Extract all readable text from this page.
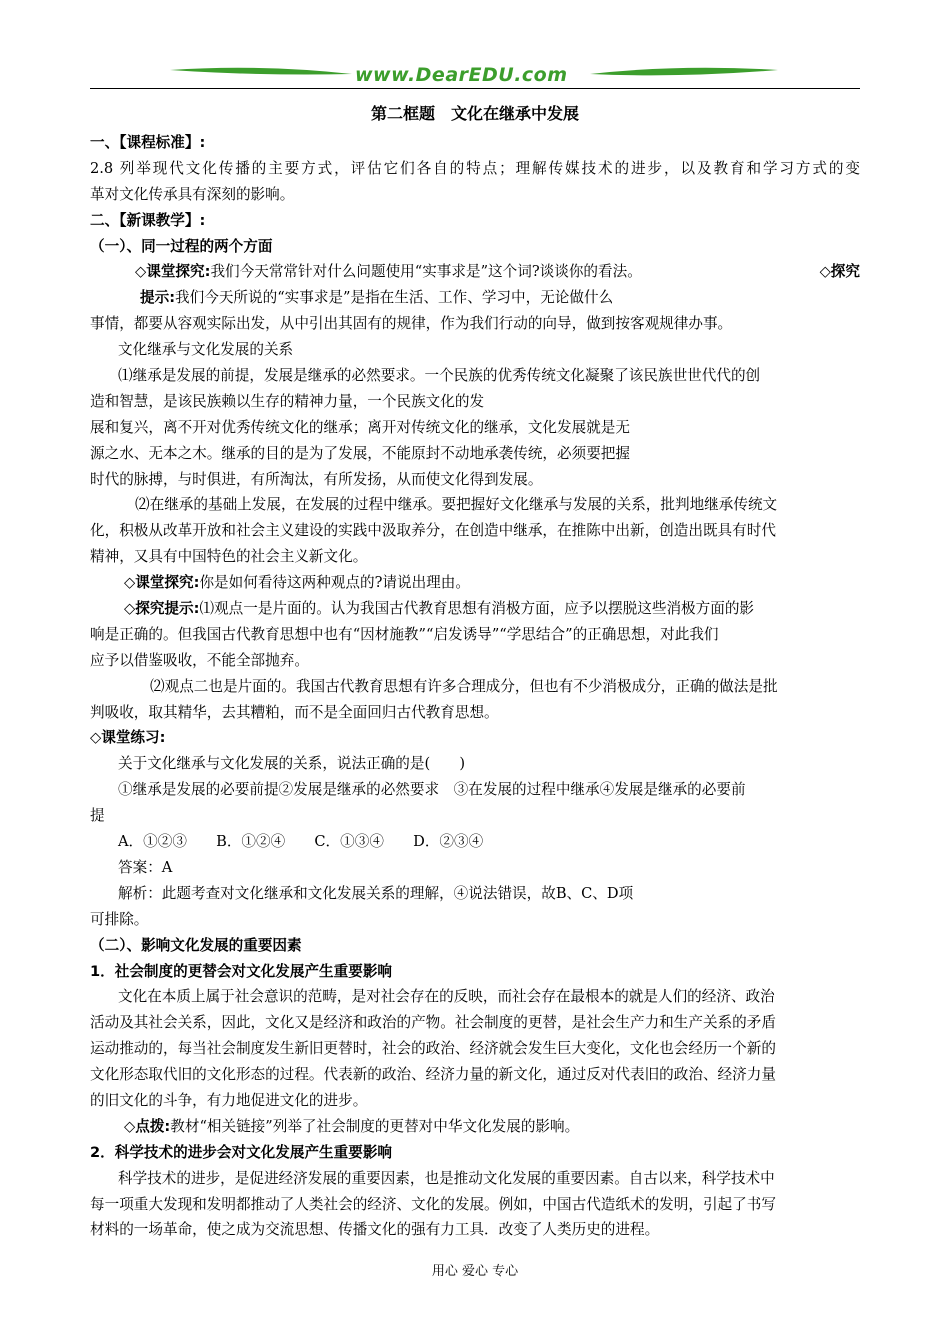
www.DearEDU.com
第二框题　文化在继承中发展
一、【课程标准】:
2.8 列举现代文化传播的主要方式，评估它们各自的特点；理解传媒技术的进步，以及教育和学习方式的变
革对文化传承具有深刻的影响。
二、【新课教学】:
（一）、同一过程的两个方面
◇课堂探究:我们今天常常针对什么问题使用“实事求是”这个词?谈谈你的看法。	◇探究
提示:我们今天所说的“实事求是”是指在生活、工作、学习中，无论做什么
事情，都要从容观实际出发，从中引出其固有的规律，作为我们行动的向导，做到按客观规律办事。
文化继承与文化发展的关系
⑴继承是发展的前提，发展是继承的必然要求。一个民族的优秀传统文化凝聚了该民族世世代代的创
造和智慧，是该民族赖以生存的精神力量，一个民族文化的发
展和复兴，离不开对优秀传统文化的继承；离开对传统文化的继承，文化发展就是无
源之水、无本之木。继承的目的是为了发展，不能原封不动地承袭传统，必须要把握
时代的脉搏，与时俱进，有所淘汰，有所发扬，从而使文化得到发展。
⑵在继承的基础上发展，在发展的过程中继承。要把握好文化继承与发展的关系，批判地继承传统文
化，积极从改革开放和社会主义建设的实践中汲取养分，在创造中继承，在推陈中出新，创造出既具有时代
精神，又具有中国特色的社会主义新文化。
◇课堂探究:你是如何看待这两种观点的?请说出理由。
◇探究提示:⑴观点一是片面的。认为我国古代教育思想有消极方面，应予以摆脱这些消极方面的影
响是正确的。但我国古代教育思想中也有“因材施教”“启发诱导”“学思结合”的正确思想，对此我们
应予以借鉴吸收，不能全部抛弃。
⑵观点二也是片面的。我国古代教育思想有许多合理成分，但也有不少消极成分，正确的做法是批
判吸收，取其精华，去其糟粕，而不是全面回归古代教育思想。
◇课堂练习:
关于文化继承与文化发展的关系，说法正确的是(　　)
①继承是发展的必要前提②发展是继承的必然要求　③在发展的过程中继承④发展是继承的必要前
提
A．①②③　　B．①②④　　C．①③④　　D．②③④
答案：A
解析：此题考查对文化继承和文化发展关系的理解，④说法错误，故B、C、D项
可排除。
（二）、影响文化发展的重要因素
1．社会制度的更替会对文化发展产生重要影响
文化在本质上属于社会意识的范畴，是对社会存在的反映，而社会存在最根本的就是人们的经济、政治
活动及其社会关系，因此，文化又是经济和政治的产物。社会制度的更替，是社会生产力和生产关系的矛盾
运动推动的，每当社会制度发生新旧更替时，社会的政治、经济就会发生巨大变化，文化也会经历一个新的
文化形态取代旧的文化形态的过程。代表新的政治、经济力量的新文化，通过反对代表旧的政治、经济力量
的旧文化的斗争，有力地促进文化的进步。
◇点拨:教材“相关链接”列举了社会制度的更替对中华文化发展的影响。
2．科学技术的进步会对文化发展产生重要影响
科学技术的进步，是促进经济发展的重要因素，也是推动文化发展的重要因素。自古以来，科学技术中
每一项重大发现和发明都推动了人类社会的经济、文化的发展。例如，中国古代造纸术的发明，引起了书写
材料的一场革命，使之成为交流思想、传播文化的强有力工具．改变了人类历史的进程。
用心 爱心 专心
